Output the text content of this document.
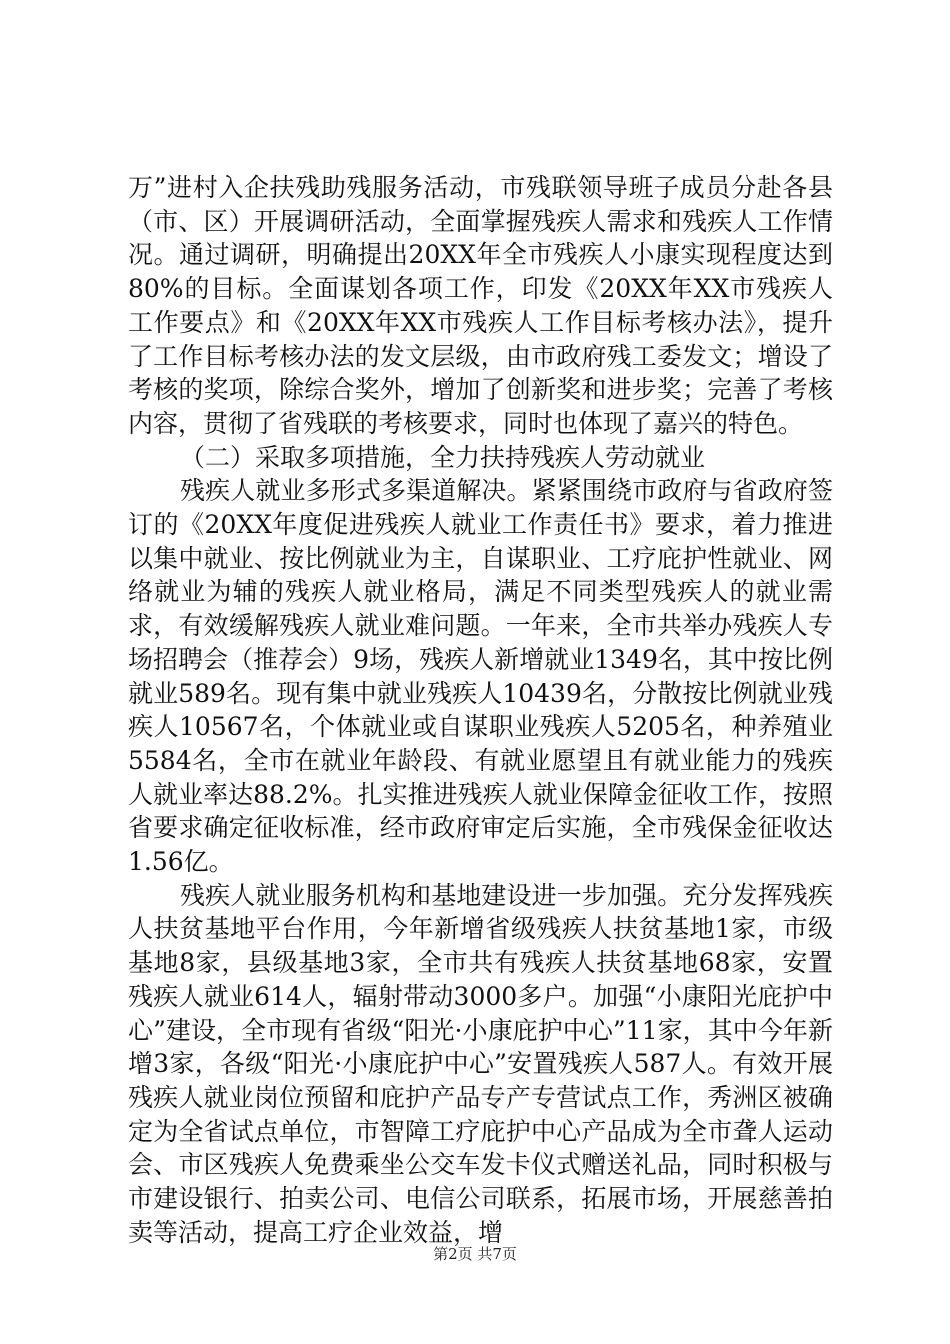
万”进村入企扶残助残服务活动，市残联领导班子成员分赴各县（市、区）开展调研活动，全面掌握残疾人需求和残疾人工作情况。通过调研，明确提出20XX年全市残疾人小康实现程度达到80%的目标。全面谋划各项工作，印发《20XX年XX市残疾人工作要点》和《20XX年XX市残疾人工作目标考核办法》，提升了工作目标考核办法的发文层级，由市政府残工委发文；增设了考核的奖项，除综合奖外，增加了创新奖和进步奖；完善了考核内容，贯彻了省残联的考核要求，同时也体现了嘉兴的特色。

（二）采取多项措施，全力扶持残疾人劳动就业

残疾人就业多形式多渠道解决。紧紧围绕市政府与省政府签订的《20XX年度促进残疾人就业工作责任书》要求，着力推进以集中就业、按比例就业为主，自谋职业、工疗庇护性就业、网络就业为辅的残疾人就业格局，满足不同类型残疾人的就业需求，有效缓解残疾人就业难问题。一年来，全市共举办残疾人专场招聘会（推荐会）9场，残疾人新增就业1349名，其中按比例就业589名。现有集中就业残疾人10439名，分散按比例就业残疾人10567名，个体就业或自谋职业残疾人5205名，种养殖业5584名，全市在就业年龄段、有就业愿望且有就业能力的残疾人就业率达88.2%。扎实推进残疾人就业保障金征收工作，按照省要求确定征收标准，经市政府审定后实施，全市残保金征收达1.56亿。

残疾人就业服务机构和基地建设进一步加强。充分发挥残疾人扶贫基地平台作用，今年新增省级残疾人扶贫基地1家，市级基地8家，县级基地3家，全市共有残疾人扶贫基地68家，安置残疾人就业614人，辐射带动3000多户。加强“小康阳光庇护中心”建设，全市现有省级“阳光·小康庇护中心”11家，其中今年新增3家，各级“阳光·小康庇护中心”安置残疾人587人。有效开展残疾人就业岗位预留和庇护产品专产专营试点工作，秀洲区被确定为全省试点单位，市智障工疗庇护中心产品成为全市聋人运动会、市区残疾人免费乘坐公交车发卡仪式赠送礼品，同时积极与市建设银行、拍卖公司、电信公司联系，拓展市场，开展慈善拍卖等活动，提高工疗企业效益，增

第2页 共7页
